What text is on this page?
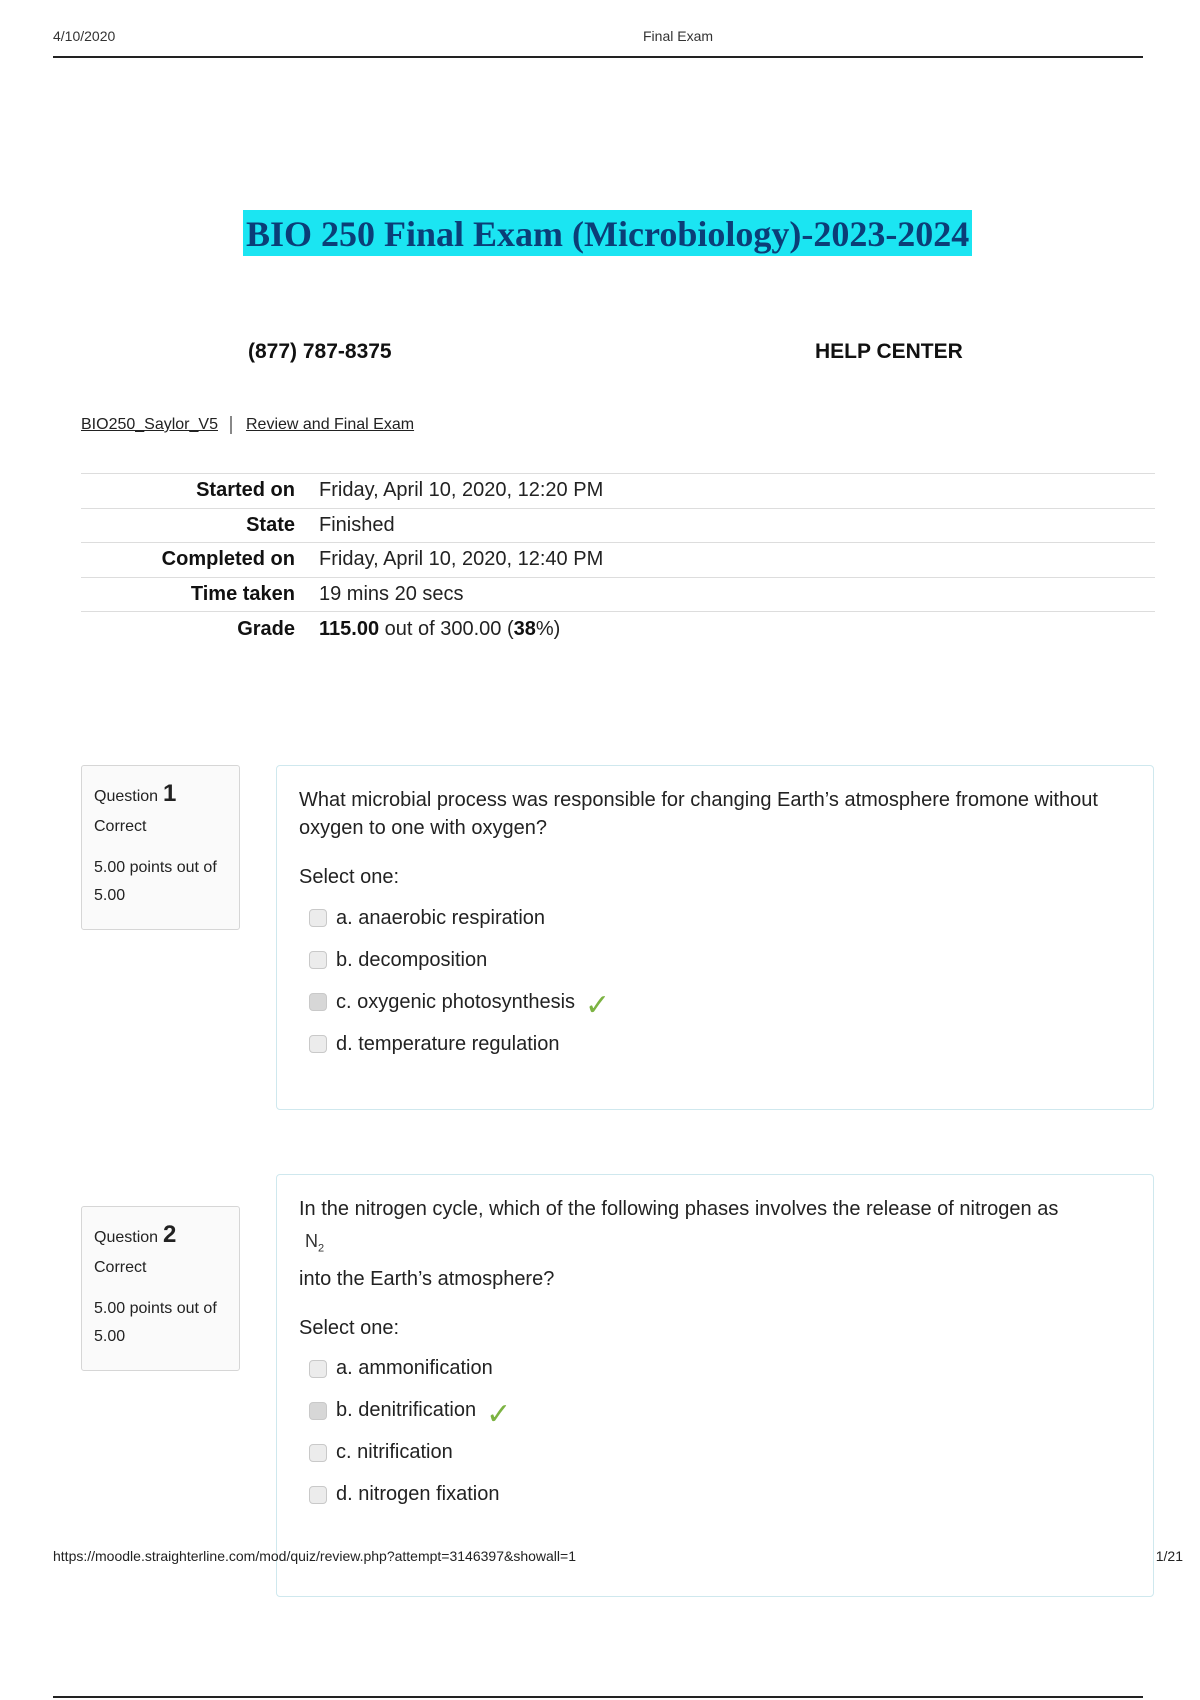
4/10/2020	Final Exam
BIO 250 Final Exam (Microbiology)-2023-2024
(877) 787-8375	HELP CENTER
BIO250_Saylor_V5 Review and Final Exam
Started on	Friday, April 10, 2020, 12:20 PM
State	Finished
Completed on	Friday, April 10, 2020, 12:40 PM
Time taken	19 mins 20 secs
Grade	115.00 out of 300.00 (38%)
Question 1
Correct
5.00 points out of 5.00
What microbial process was responsible for changing Earth’s atmosphere fromone without oxygen to one with oxygen?
Select one:
a. anaerobic respiration
b. decomposition
c. oxygenic photosynthesis ✓
d. temperature regulation
Question 2
Correct
5.00 points out of 5.00
In the nitrogen cycle, which of the following phases involves the release of nitrogen as
$N_2$
into the Earth’s atmosphere?
Select one:
a. ammonification
b. denitrification ✓
c. nitrification
d. nitrogen fixation
https://moodle.straighterline.com/mod/quiz/review.php?attempt=3146397&showall=1	1/21
